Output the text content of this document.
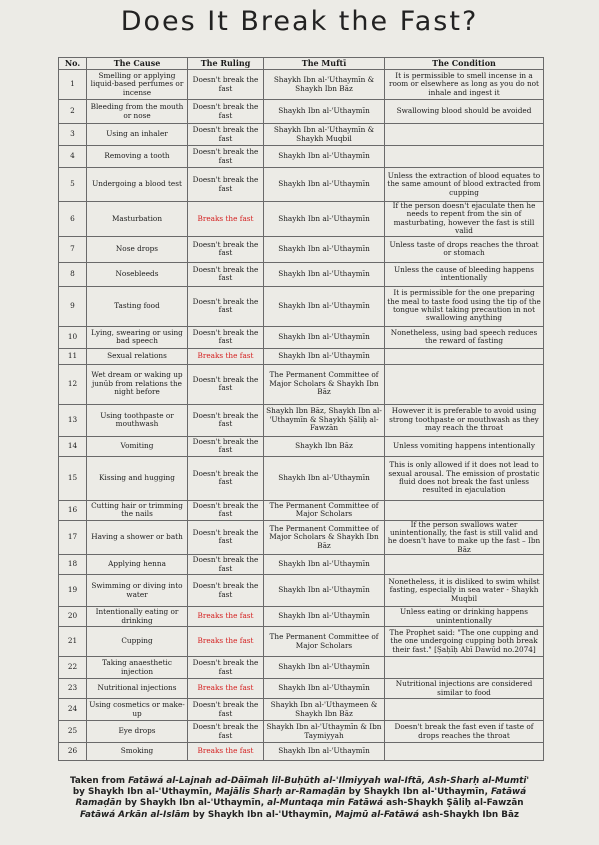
Does It Break the Fast?
No.	The Cause	The Ruling	The Muftī	The Condition
1	Smelling or applying liquid-based perfumes or incense	Doesn't break the fast	Shaykh Ibn al-'Uthaymīn & Shaykh Ibn Bāz	It is permissible to smell incense in a room or elsewhere as long as you do not inhale and ingest it
2	Bleeding from the mouth or nose	Doesn't break the fast	Shaykh Ibn al-'Uthaymīn	Swallowing blood should be avoided
3	Using an inhaler	Doesn't break the fast	Shaykh Ibn al-'Uthaymīn & Shaykh Muqbil	
4	Removing a tooth	Doesn't break the fast	Shaykh Ibn al-'Uthaymīn	
5	Undergoing a blood test	Doesn't break the fast	Shaykh Ibn al-'Uthaymīn	Unless the extraction of blood equates to the same amount of blood extracted from cupping
6	Masturbation	Breaks the fast	Shaykh Ibn al-'Uthaymīn	If the person doesn't ejaculate then he needs to repent from the sin of masturbating, however the fast is still valid
7	Nose drops	Doesn't break the fast	Shaykh Ibn al-'Uthaymīn	Unless taste of drops reaches the throat or stomach
8	Nosebleeds	Doesn't break the fast	Shaykh Ibn al-'Uthaymīn	Unless the cause of bleeding happens intentionally
9	Tasting food	Doesn't break the fast	Shaykh Ibn al-'Uthaymīn	It is permissible for the one preparing the meal to taste food using the tip of the tongue whilst taking precaution in not swallowing anything
10	Lying, swearing or using bad speech	Doesn't break the fast	Shaykh Ibn al-'Uthaymīn	Nonetheless, using bad speech reduces the reward of fasting
11	Sexual relations	Breaks the fast	Shaykh Ibn al-'Uthaymīn	
12	Wet dream or waking up junūb from relations the night before	Doesn't break the fast	The Permanent Committee of Major Scholars & Shaykh Ibn Bāz	
13	Using toothpaste or mouthwash	Doesn't break the fast	Shaykh Ibn Bāz, Shaykh Ibn al-'Uthaymīn & Shaykh Ṣāliḥ al-Fawzān	However it is preferable to avoid using strong toothpaste or mouthwash as they may reach the throat
14	Vomiting	Doesn't break the fast	Shaykh Ibn Bāz	Unless vomiting happens intentionally
15	Kissing and hugging	Doesn't break the fast	Shaykh Ibn al-'Uthaymīn	This is only allowed if it does not lead to sexual arousal. The emission of prostatic fluid does not break the fast unless resulted in ejaculation
16	Cutting hair or trimming the nails	Doesn't break the fast	The Permanent Committee of Major Scholars	
17	Having a shower or bath	Doesn't break the fast	The Permanent Committee of Major Scholars & Shaykh Ibn Bāz	If the person swallows water unintentionally, the fast is still valid and he doesn't have to make up the fast – Ibn Bāz
18	Applying henna	Doesn't break the fast	Shaykh Ibn al-'Uthaymīn	
19	Swimming or diving into water	Doesn't break the fast	Shaykh Ibn al-'Uthaymīn	Nonetheless, it is disliked to swim whilst fasting, especially in sea water - Shaykh Muqbil
20	Intentionally eating or drinking	Breaks the fast	Shaykh Ibn al-'Uthaymīn	Unless eating or drinking happens unintentionally
21	Cupping	Breaks the fast	The Permanent Committee of Major Scholars	The Prophet said: "The one cupping and the one undergoing cupping both break their fast." [Ṣaḥīḥ Abī Dawūd no.2074]
22	Taking anaesthetic injection	Doesn't break the fast	Shaykh Ibn al-'Uthaymīn	
23	Nutritional injections	Breaks the fast	Shaykh Ibn al-'Uthaymīn	Nutritional injections are considered similar to food
24	Using cosmetics or make-up	Doesn't break the fast	Shaykh Ibn al-'Uthaymeen & Shaykh Ibn Bāz	
25	Eye drops	Doesn't break the fast	Shaykh Ibn al-'Uthaymīn & Ibn Taymiyyah	Doesn't break the fast even if taste of drops reaches the throat
26	Smoking	Breaks the fast	Shaykh Ibn al-'Uthaymīn	
Taken from Fatāwá al-Lajnah ad-Dāīmah lil-Buḥūth al-'Ilmiyyah wal-Iftā, Ash-Sharḥ al-Mumti'
by Shaykh Ibn al-'Uthaymīn, Majālis Sharḥ ar-Ramaḍān by Shaykh Ibn al-'Uthaymīn, Fatāwá
Ramaḍān by Shaykh Ibn al-'Uthaymīn, al-Muntaqa min Fatāwá ash-Shaykh Ṣāliḥ al-Fawzān
Fatāwá Arkān al-Islām by Shaykh Ibn al-'Uthaymīn, Majmū al-Fatāwá ash-Shaykh Ibn Bāz
